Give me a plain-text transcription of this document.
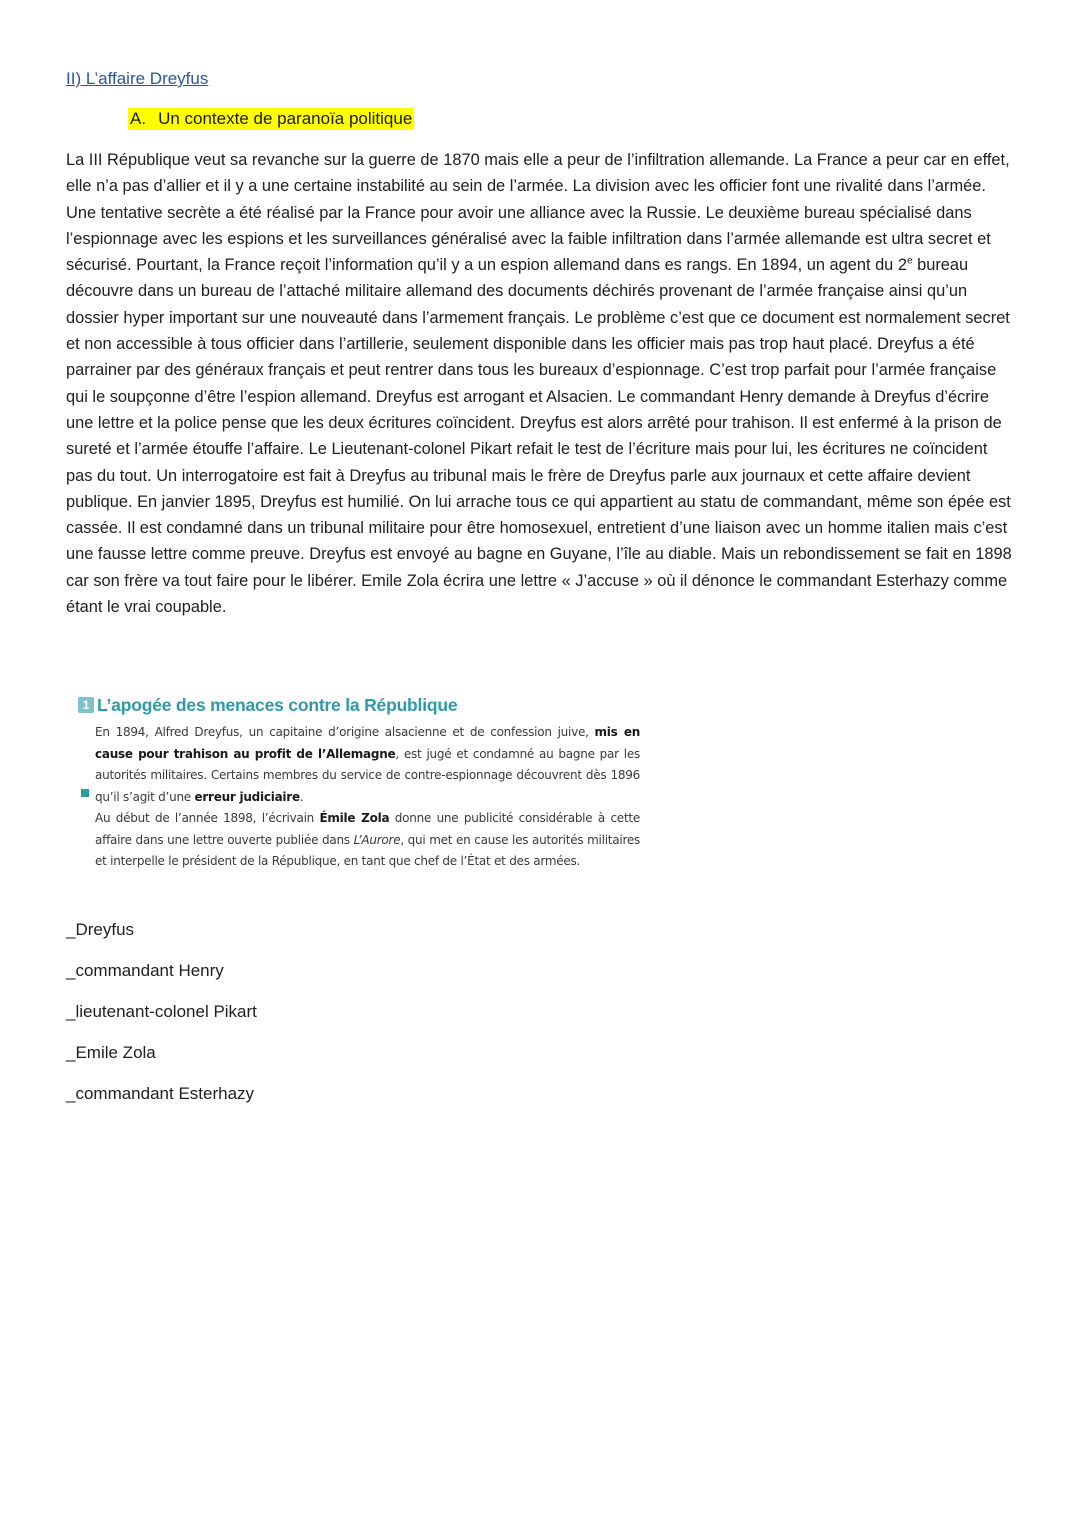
II) L’affaire Dreyfus
A. Un contexte de paranoïa politique

La III République veut sa revanche sur la guerre de 1870 mais elle a peur de l’infiltration allemande. La France a peur car en effet, elle n’a pas d’allier et il y a une certaine instabilité au sein de l’armée. La division avec les officier font une rivalité dans l’armée. Une tentative secrète a été réalisé par la France pour avoir une alliance avec la Russie. Le deuxième bureau spécialisé dans l’espionnage avec les espions et les surveillances généralisé avec la faible infiltration dans l’armée allemande est ultra secret et sécurisé. Pourtant, la France reçoit l’information qu’il y a un espion allemand dans es rangs. En 1894, un agent du 2e bureau découvre dans un bureau de l’attaché militaire allemand des documents déchirés provenant de l’armée française ainsi qu’un dossier hyper important sur une nouveauté dans l’armement français. Le problème c’est que ce document est normalement secret et non accessible à tous officier dans l’artillerie, seulement disponible dans les officier mais pas trop haut placé. Dreyfus a été parrainer par des généraux français et peut rentrer dans tous les bureaux d’espionnage. C’est trop parfait pour l’armée française qui le soupçonne d’être l’espion allemand. Dreyfus est arrogant et Alsacien. Le commandant Henry demande à Dreyfus d’écrire une lettre et la police pense que les deux écritures coïncident. Dreyfus est alors arrêté pour trahison. Il est enfermé à la prison de sureté et l’armée étouffe l’affaire. Le Lieutenant-colonel Pikart refait le test de l’écriture mais pour lui, les écritures ne coïncident pas du tout. Un interrogatoire est fait à Dreyfus au tribunal mais le frère de Dreyfus parle aux journaux et cette affaire devient publique. En janvier 1895, Dreyfus est humilié. On lui arrache tous ce qui appartient au statu de commandant, même son épée est cassée. Il est condamné dans un tribunal militaire pour être homosexuel, entretient d’une liaison avec un homme italien mais c’est une fausse lettre comme preuve. Dreyfus est envoyé au bagne en Guyane, l’île au diable. Mais un rebondissement se fait en 1898 car son frère va tout faire pour le libérer. Emile Zola écrira une lettre « J’accuse » où il dénonce le commandant Esterhazy comme étant le vrai coupable.

1 L’apogée des menaces contre la République

En 1894, Alfred Dreyfus, un capitaine d’origine alsacienne et de confession juive, mis en cause pour trahison au profit de l’Allemagne, est jugé et condamné au bagne par les autorités militaires. Certains membres du service de contre-espionnage découvrent dès 1896 qu’il s’agit d’une erreur judiciaire.

Au début de l’année 1898, l’écrivain Émile Zola donne une publicité considérable à cette affaire dans une lettre ouverte publiée dans L’Aurore, qui met en cause les autorités militaires et interpelle le président de la République, en tant que chef de l’État et des armées.

_Dreyfus
_commandant Henry
_lieutenant-colonel Pikart
_Emile Zola
_commandant Esterhazy
